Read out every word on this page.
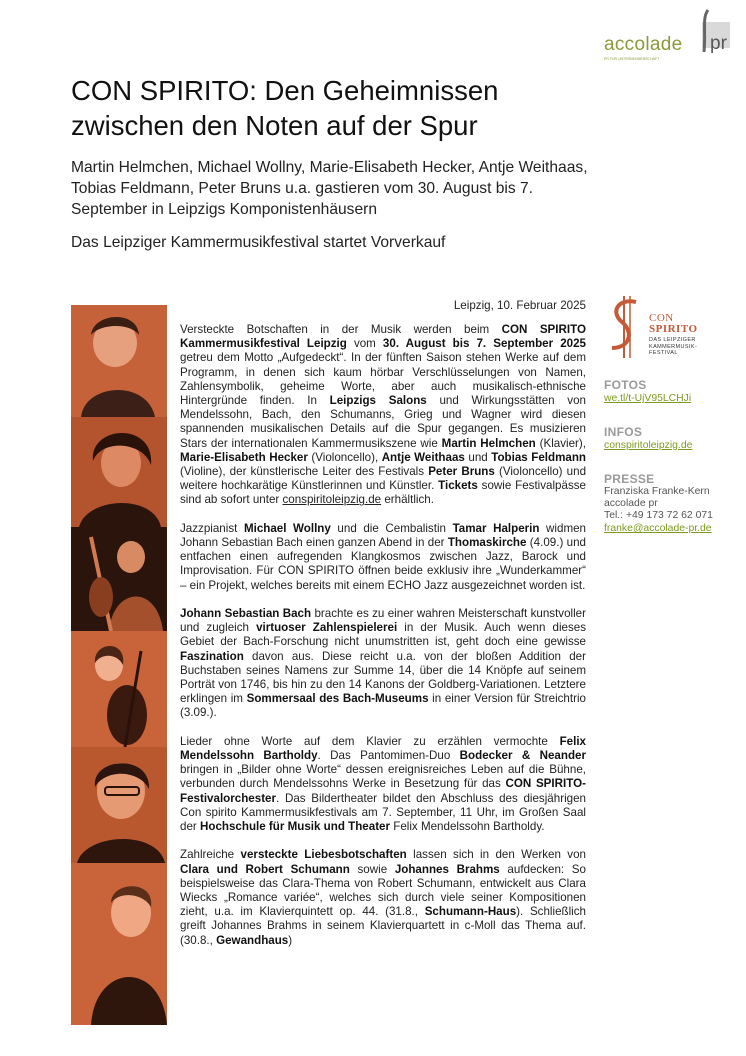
accolade pr
PR FÜR UNTERNEHMERSCHAFT
CON SPIRITO: Den Geheimnissen zwischen den Noten auf der Spur
Martin Helmchen, Michael Wollny, Marie-Elisabeth Hecker, Antje Weithaas, Tobias Feldmann, Peter Bruns u.a. gastieren vom 30. August bis 7. September in Leipzigs Komponistenhäusern
Das Leipziger Kammermusikfestival startet Vorverkauf
Leipzig, 10. Februar 2025

Versteckte Botschaften in der Musik werden beim CON SPIRITO Kammermusikfestival Leipzig vom 30. August bis 7. September 2025 getreu dem Motto „Aufgedeckt“. In der fünften Saison stehen Werke auf dem Programm, in denen sich kaum hörbar Verschlüsselungen von Namen, Zahlensymbolik, geheime Worte, aber auch musikalisch-ethnische Hintergründe finden. In Leipzigs Salons und Wirkungsstätten von Mendelssohn, Bach, den Schumanns, Grieg und Wagner wird diesen spannenden musikalischen Details auf die Spur gegangen. Es musizieren Stars der internationalen Kammermusikszene wie Martin Helmchen (Klavier), Marie-Elisabeth Hecker (Violoncello), Antje Weithaas und Tobias Feldmann (Violine), der künstlerische Leiter des Festivals Peter Bruns (Violoncello) und weitere hochkarätige Künstlerinnen und Künstler. Tickets sowie Festivalpässe sind ab sofort unter conspiritoleipzig.de erhältlich.

Jazzpianist Michael Wollny und die Cembalistin Tamar Halperin widmen Johann Sebastian Bach einen ganzen Abend in der Thomaskirche (4.09.) und entfachen einen aufregenden Klangkosmos zwischen Jazz, Barock und Improvisation. Für CON SPIRITO öffnen beide exklusiv ihre „Wunderkammer“ – ein Projekt, welches bereits mit einem ECHO Jazz ausgezeichnet worden ist.

Johann Sebastian Bach brachte es zu einer wahren Meisterschaft kunstvoller und zugleich virtuoser Zahlenspielerei in der Musik. Auch wenn dieses Gebiet der Bach-Forschung nicht unumstritten ist, geht doch eine gewisse Faszination davon aus. Diese reicht u.a. von der bloßen Addition der Buchstaben seines Namens zur Summe 14, über die 14 Knöpfe auf seinem Porträt von 1746, bis hin zu den 14 Kanons der Goldberg-Variationen. Letztere erklingen im Sommersaal des Bach-Museums in einer Version für Streichtrio (3.09.).

Lieder ohne Worte auf dem Klavier zu erzählen vermochte Felix Mendelssohn Bartholdy. Das Pantomimen-Duo Bodecker & Neander bringen in „Bilder ohne Worte“ dessen ereignisreiches Leben auf die Bühne, verbunden durch Mendelssohns Werke in Besetzung für das CON SPIRITO-Festivalorchester. Das Bildertheater bildet den Abschluss des diesjährigen Con spirito Kammermusikfestivals am 7. September, 11 Uhr, im Großen Saal der Hochschule für Musik und Theater Felix Mendelssohn Bartholdy.

Zahlreiche versteckte Liebesbotschaften lassen sich in den Werken von Clara und Robert Schumann sowie Johannes Brahms aufdecken: So beispielsweise das Clara-Thema von Robert Schumann, entwickelt aus Clara Wiecks „Romance variée“, welches sich durch viele seiner Kompositionen zieht, u.a. im Klavierquintett op. 44. (31.8., Schumann-Haus). Schließlich greift Johannes Brahms in seinem Klavierquartett in c-Moll das Thema auf. (30.8., Gewandhaus)

CON
SPIRITO
DAS LEIPZIGER KAMMERMUSIK-FESTIVAL
FOTOS
we.tl/t-UjV95LCHJi
INFOS
conspiritoleipzig.de
PRESSE
Franziska Franke-Kern
accolade pr
Tel.: +49 173 72 62 071
franke@accolade-pr.de
